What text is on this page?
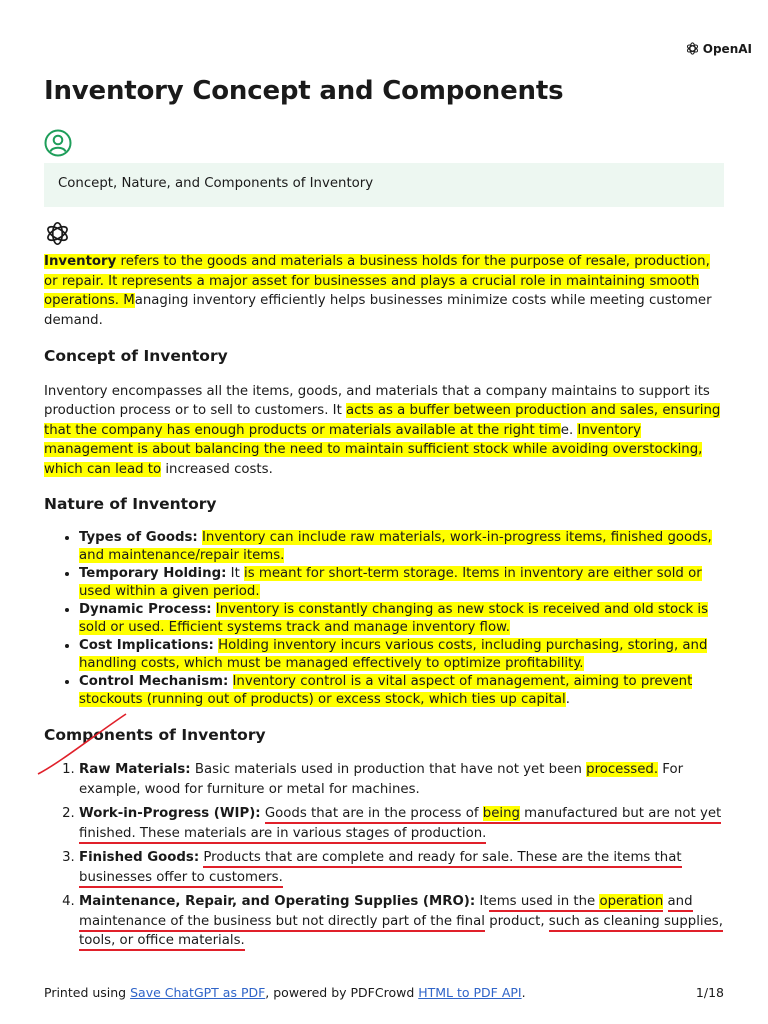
OpenAI
Inventory Concept and Components
Concept, Nature, and Components of Inventory

Inventory refers to the goods and materials a business holds for the purpose of resale, production, or repair. It represents a major asset for businesses and plays a crucial role in maintaining smooth operations. Managing inventory efficiently helps businesses minimize costs while meeting customer demand.

Concept of Inventory

Inventory encompasses all the items, goods, and materials that a company maintains to support its production process or to sell to customers. It acts as a buffer between production and sales, ensuring that the company has enough products or materials available at the right time. Inventory management is about balancing the need to maintain sufficient stock while avoiding overstocking, which can lead to increased costs.

Nature of Inventory
• Types of Goods: Inventory can include raw materials, work-in-progress items, finished goods, and maintenance/repair items.
• Temporary Holding: It is meant for short-term storage. Items in inventory are either sold or used within a given period.
• Dynamic Process: Inventory is constantly changing as new stock is received and old stock is sold or used. Efficient systems track and manage inventory flow.
• Cost Implications: Holding inventory incurs various costs, including purchasing, storing, and handling costs, which must be managed effectively to optimize profitability.
• Control Mechanism: Inventory control is a vital aspect of management, aiming to prevent stockouts (running out of products) or excess stock, which ties up capital.
Components of Inventory
1. Raw Materials: Basic materials used in production that have not yet been processed. For example, wood for furniture or metal for machines.
2. Work-in-Progress (WIP): Goods that are in the process of being manufactured but are not yet finished. These materials are in various stages of production.
3. Finished Goods: Products that are complete and ready for sale. These are the items that businesses offer to customers.
4. Maintenance, Repair, and Operating Supplies (MRO): Items used in the operation and maintenance of the business but not directly part of the final product, such as cleaning supplies, tools, or office materials.
Printed using Save ChatGPT as PDF, powered by PDFCrowd HTML to PDF API.	1/18
